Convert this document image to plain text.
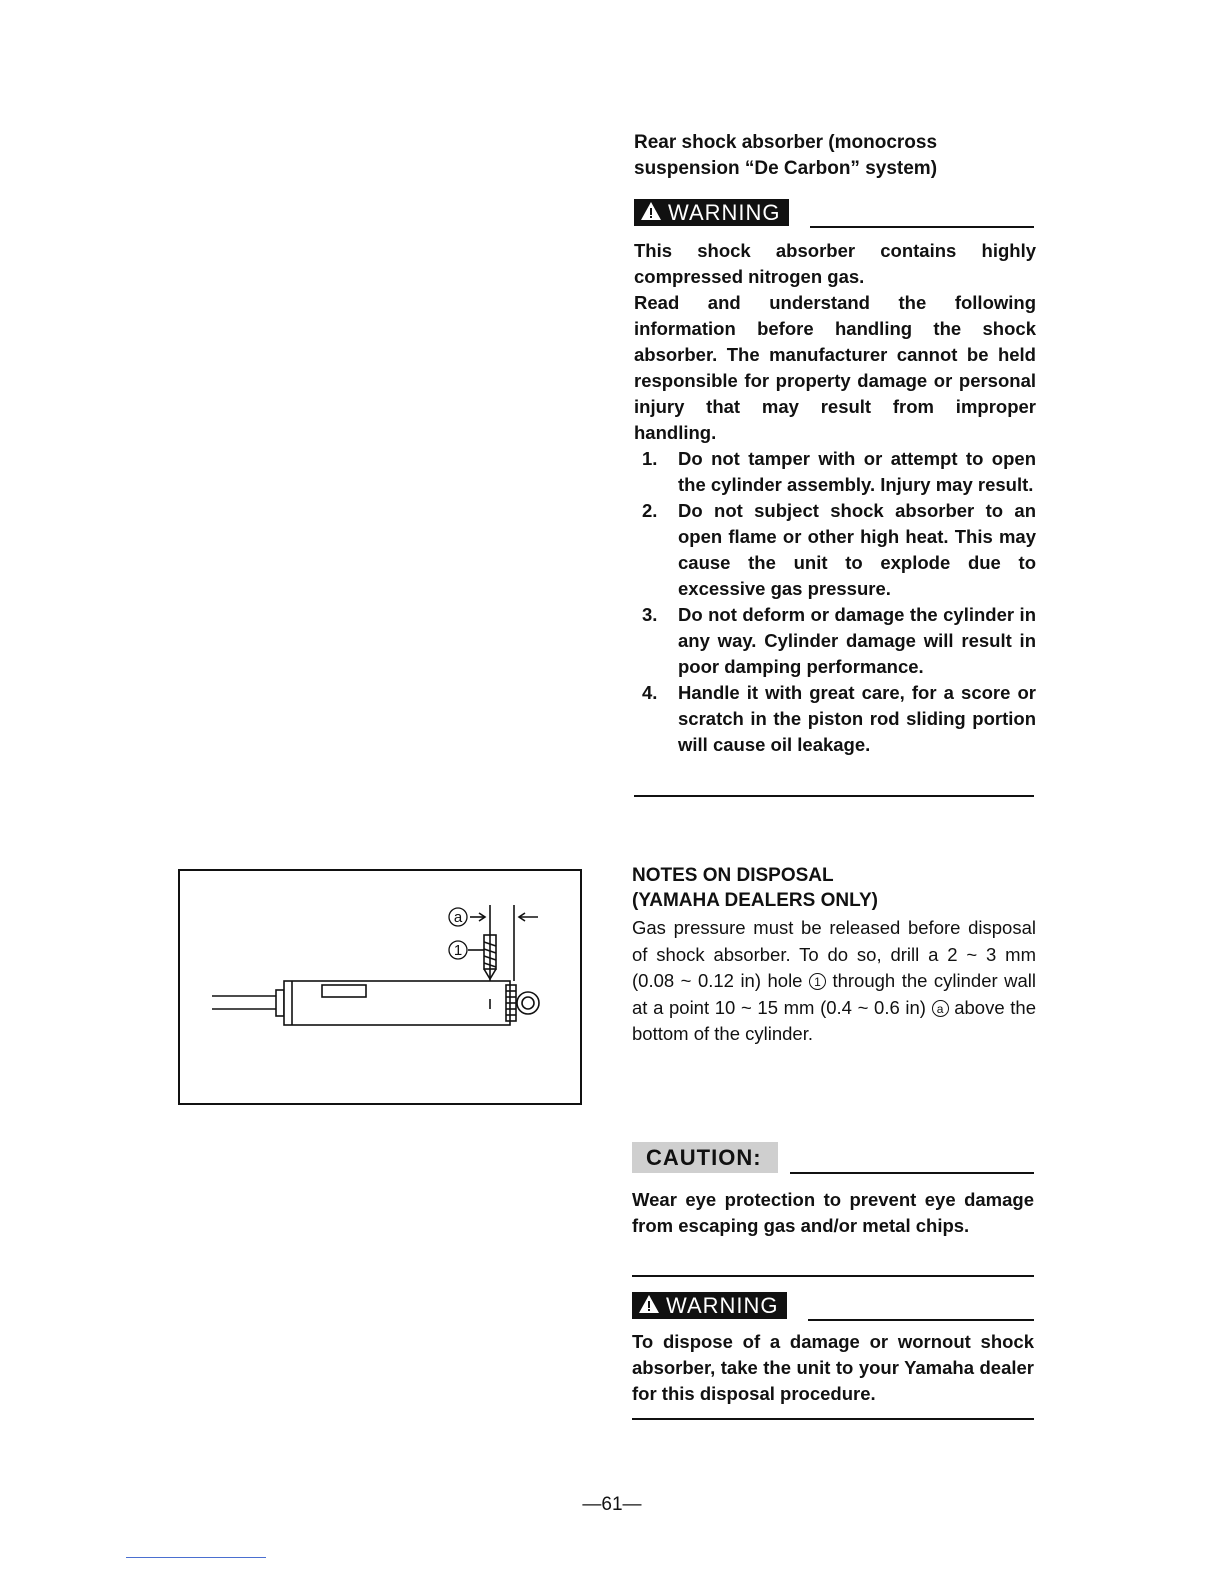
Rear shock absorber (monocross suspension “De Carbon” system)
WARNING

This shock absorber contains highly compressed nitrogen gas.

Read and understand the following information before handling the shock absorber. The manufacturer cannot be held responsible for property damage or personal injury that may result from improper handling.

1. Do not tamper with or attempt to open the cylinder assembly. Injury may result.
2. Do not subject shock absorber to an open flame or other high heat. This may cause the unit to explode due to excessive gas pressure.
3. Do not deform or damage the cylinder in any way. Cylinder damage will result in poor damping performance.
4. Handle it with great care, for a score or scratch in the piston rod sliding portion will cause oil leakage.
a
1
NOTES ON DISPOSAL
(YAMAHA DEALERS ONLY)
Gas pressure must be released before disposal of shock absorber. To do so, drill a 2 ~ 3 mm (0.08 ~ 0.12 in) hole 1 through the cylinder wall at a point 10 ~ 15 mm (0.4 ~ 0.6 in) a above the bottom of the cylinder.
CAUTION:

Wear eye protection to prevent eye damage from escaping gas and/or metal chips.

WARNING

To dispose of a damage or wornout shock absorber, take the unit to your Yamaha dealer for this disposal procedure.

—61—
